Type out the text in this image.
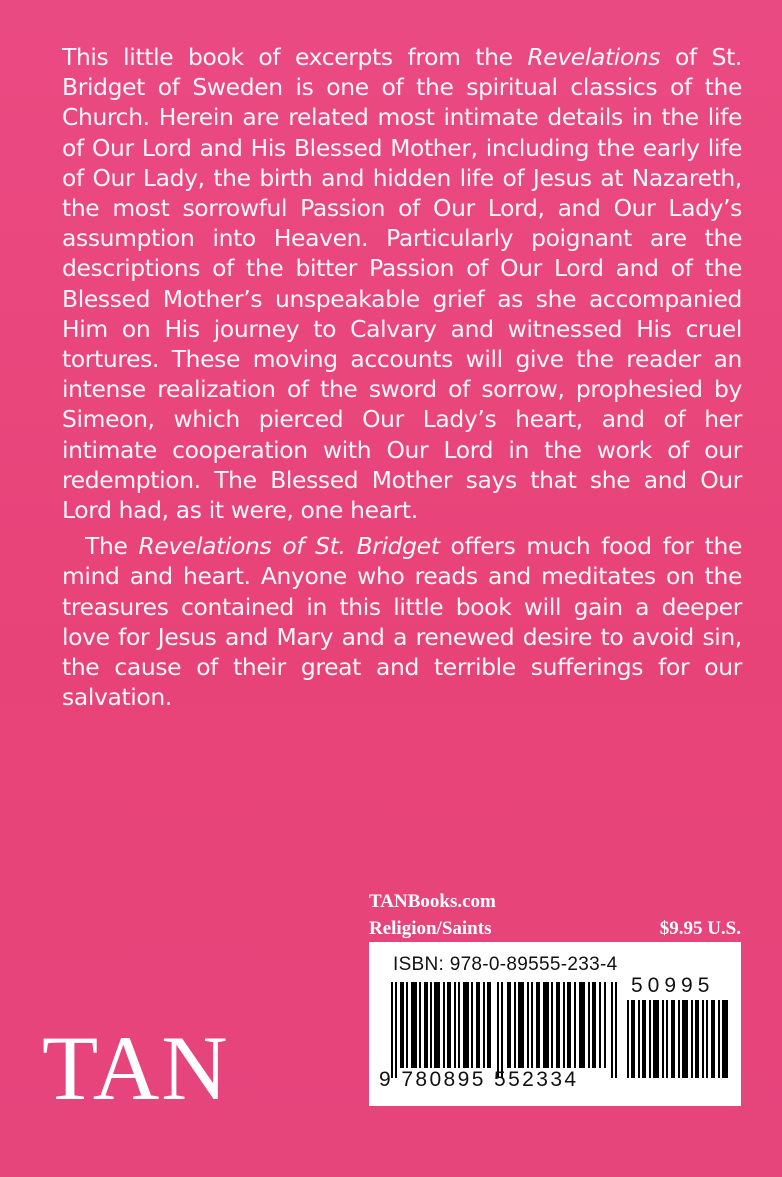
This little book of excerpts from the Revelations of St. Bridget of Sweden is one of the spiritual classics of the Church. Herein are related most intimate details in the life of Our Lord and His Blessed Mother, including the early life of Our Lady, the birth and hidden life of Jesus at Nazareth, the most sorrowful Passion of Our Lord, and Our Lady’s assumption into Heaven. Particularly poignant are the descriptions of the bitter Passion of Our Lord and of the Blessed Mother’s unspeakable grief as she accompanied Him on His journey to Calvary and witnessed His cruel tortures. These moving accounts will give the reader an intense realization of the sword of sorrow, prophesied by Simeon, which pierced Our Lady’s heart, and of her intimate cooperation with Our Lord in the work of our redemption. The Blessed Mother says that she and Our Lord had, as it were, one heart.

 The Revelations of St. Bridget offers much food for the mind and heart. Anyone who reads and meditates on the treasures contained in this little book will gain a deeper love for Jesus and Mary and a renewed desire to avoid sin, the cause of their great and terrible sufferings for our salvation.

TANBooks.com
Religion/Saints	$9.95 U.S.
ISBN: 978-0-89555-233-4
50995
9 780895 552334
TAN
